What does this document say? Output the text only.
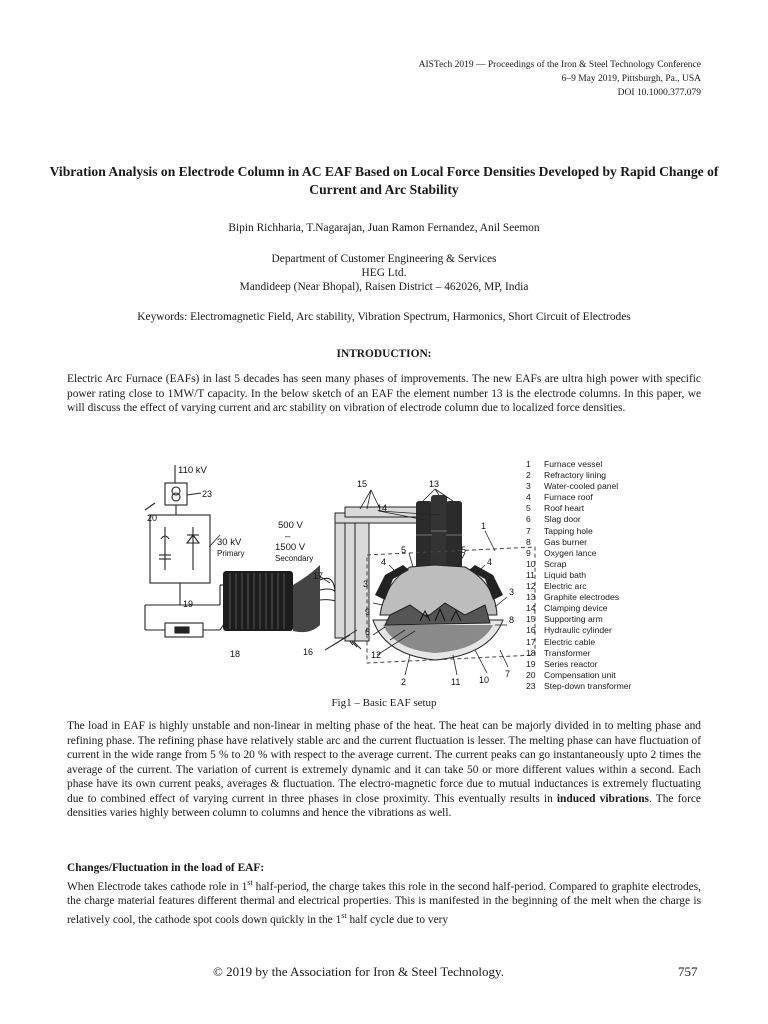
AISTech 2019 — Proceedings of the Iron & Steel Technology Conference
6–9 May 2019, Pittsburgh, Pa., USA
DOI 10.1000.377.079
Vibration Analysis on Electrode Column in AC EAF Based on Local Force Densities Developed by Rapid Change of Current and Arc Stability
Bipin Richharia, T.Nagarajan, Juan Ramon Fernandez, Anil Seemon
Department of Customer Engineering & Services
HEG Ltd.
Mandideep (Near Bhopal), Raisen District – 462026, MP, India
Keywords: Electromagnetic Field, Arc stability, Vibration Spectrum, Harmonics, Short Circuit of Electrodes
INTRODUCTION:
Electric Arc Furnace (EAFs) in last 5 decades has seen many phases of improvements. The new EAFs are ultra high power with specific power rating close to 1MW/T capacity. In the below sketch of an EAF the element number 13 is the electrode columns. In this paper, we will discuss the effect of varying current and arc stability on vibration of electrode column due to localized force densities.
23
20
19
18	16
17
15
14
13
1
5	5
4	4
3
3
9
8
6
12
2	11 10
7
110 kV
30 kV
Primary
500 V
–
1500 V
Secondary
1 Furnace vessel
2 Refractory lining
3 Water-cooled panel
4 Furnace roof
5 Roof heart
6 Slag door
7 Tapping hole
8 Gas burner
9 Oxygen lance
10 Scrap
11 Liquid bath
12 Electric arc
13 Graphite electrodes
14 Clamping device
15 Supporting arm
16 Hydraulic cylinder
17 Electric cable
18 Transformer
19 Series reactor
20 Compensation unit
23 Step-down transformer
Fig1 – Basic EAF setup
The load in EAF is highly unstable and non-linear in melting phase of the heat. The heat can be majorly divided in to melting phase and refining phase. The refining phase have relatively stable arc and the current fluctuation is lesser. The melting phase can have fluctuation of current in the wide range from 5 % to 20 % with respect to the average current. The current peaks can go instantaneously upto 2 times the average of the current. The variation of current is extremely dynamic and it can take 50 or more different values within a second. Each phase have its own current peaks, averages & fluctuation. The electro-magnetic force due to mutual inductances is extremely fluctuating due to combined effect of varying current in three phases in close proximity. This eventually results in induced vibrations. The force densities varies highly between column to columns and hence the vibrations as well.
Changes/Fluctuation in the load of EAF:
When Electrode takes cathode role in 1st half-period, the charge takes this role in the second half-period. Compared to graphite electrodes, the charge material features different thermal and electrical properties. This is manifested in the beginning of the melt when the charge is relatively cool, the cathode spot cools down quickly in the 1st half cycle due to very
© 2019 by the Association for Iron & Steel Technology.	757
